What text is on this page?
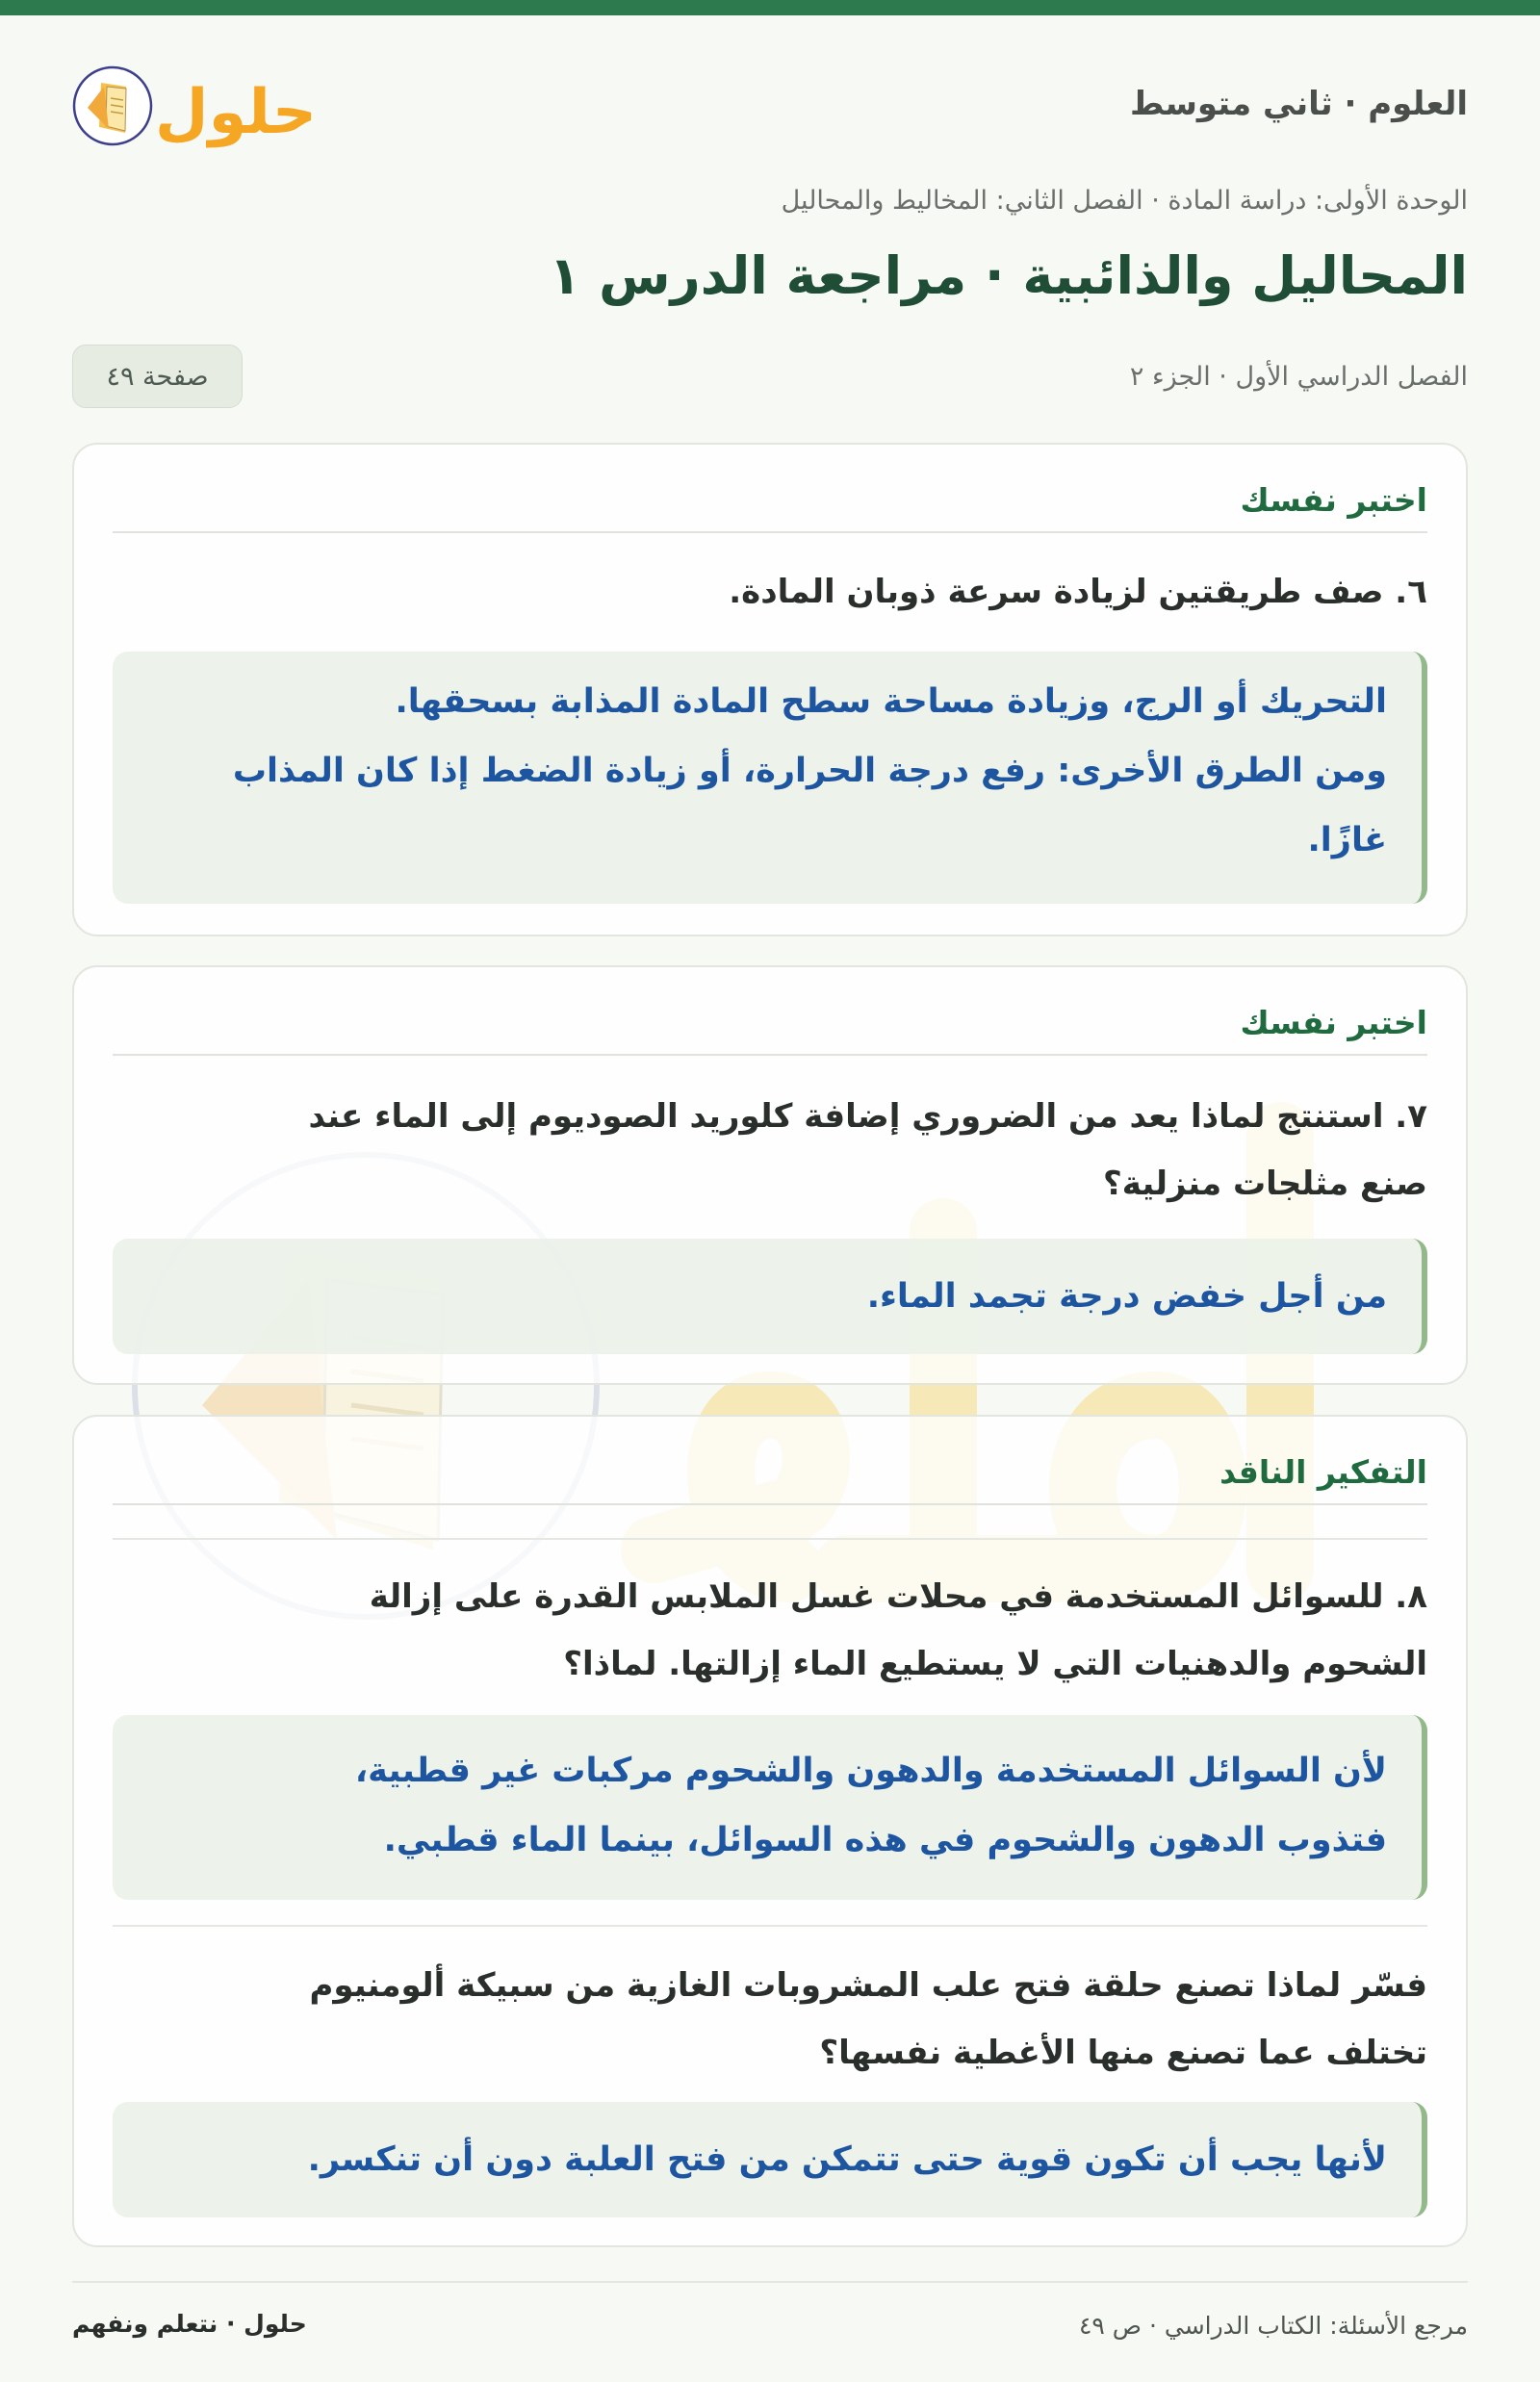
العلوم · ثاني متوسط
حلول
الوحدة الأولى: دراسة المادة · الفصل الثاني: المخاليط والمحاليل
المحاليل والذائبية · مراجعة الدرس ١
الفصل الدراسي الأول · الجزء ٢
صفحة ٤٩
اختبر نفسك
٦. صف طريقتين لزيادة سرعة ذوبان المادة.

التحريك أو الرج، وزيادة مساحة سطح المادة المذابة بسحقها.

ومن الطرق الأخرى: رفع درجة الحرارة، أو زيادة الضغط إذا كان المذاب

غازًا.

اختبر نفسك
٧. استنتج لماذا يعد من الضروري إضافة كلوريد الصوديوم إلى الماء عند
صنع مثلجات منزلية؟

من أجل خفض درجة تجمد الماء.

التفكير الناقد
٨. للسوائل المستخدمة في محلات غسل الملابس القدرة على إزالة
الشحوم والدهنيات التي لا يستطيع الماء إزالتها. لماذا؟

لأن السوائل المستخدمة والدهون والشحوم مركبات غير قطبية،

فتذوب الدهون والشحوم في هذه السوائل، بينما الماء قطبي.

فسّر لماذا تصنع حلقة فتح علب المشروبات الغازية من سبيكة ألومنيوم
تختلف عما تصنع منها الأغطية نفسها؟

لأنها يجب أن تكون قوية حتى تتمكن من فتح العلبة دون أن تنكسر.

مرجع الأسئلة: الكتاب الدراسي · ص ٤٩
حلول · نتعلم ونفهم
